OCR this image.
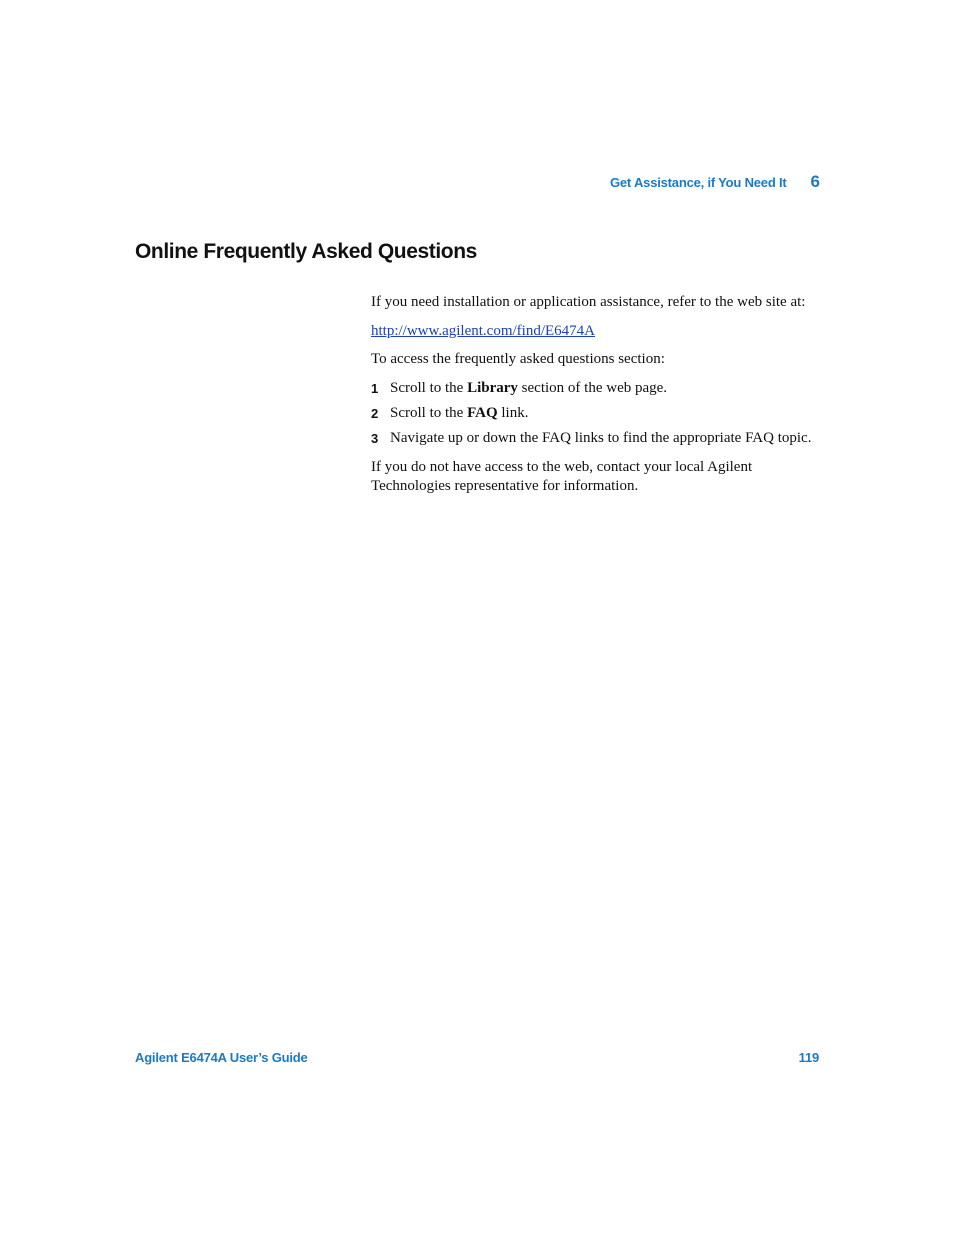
Get Assistance, if You Need It 6
Online Frequently Asked Questions

If you need installation or application assistance, refer to the web site at:

http://www.agilent.com/find/E6474A

To access the frequently asked questions section:

1 Scroll to the Library section of the web page.
2 Scroll to the FAQ link.
3 Navigate up or down the FAQ links to find the appropriate FAQ topic.

If you do not have access to the web, contact your local Agilent Technologies representative for information.

Agilent E6474A User’s Guide	119
